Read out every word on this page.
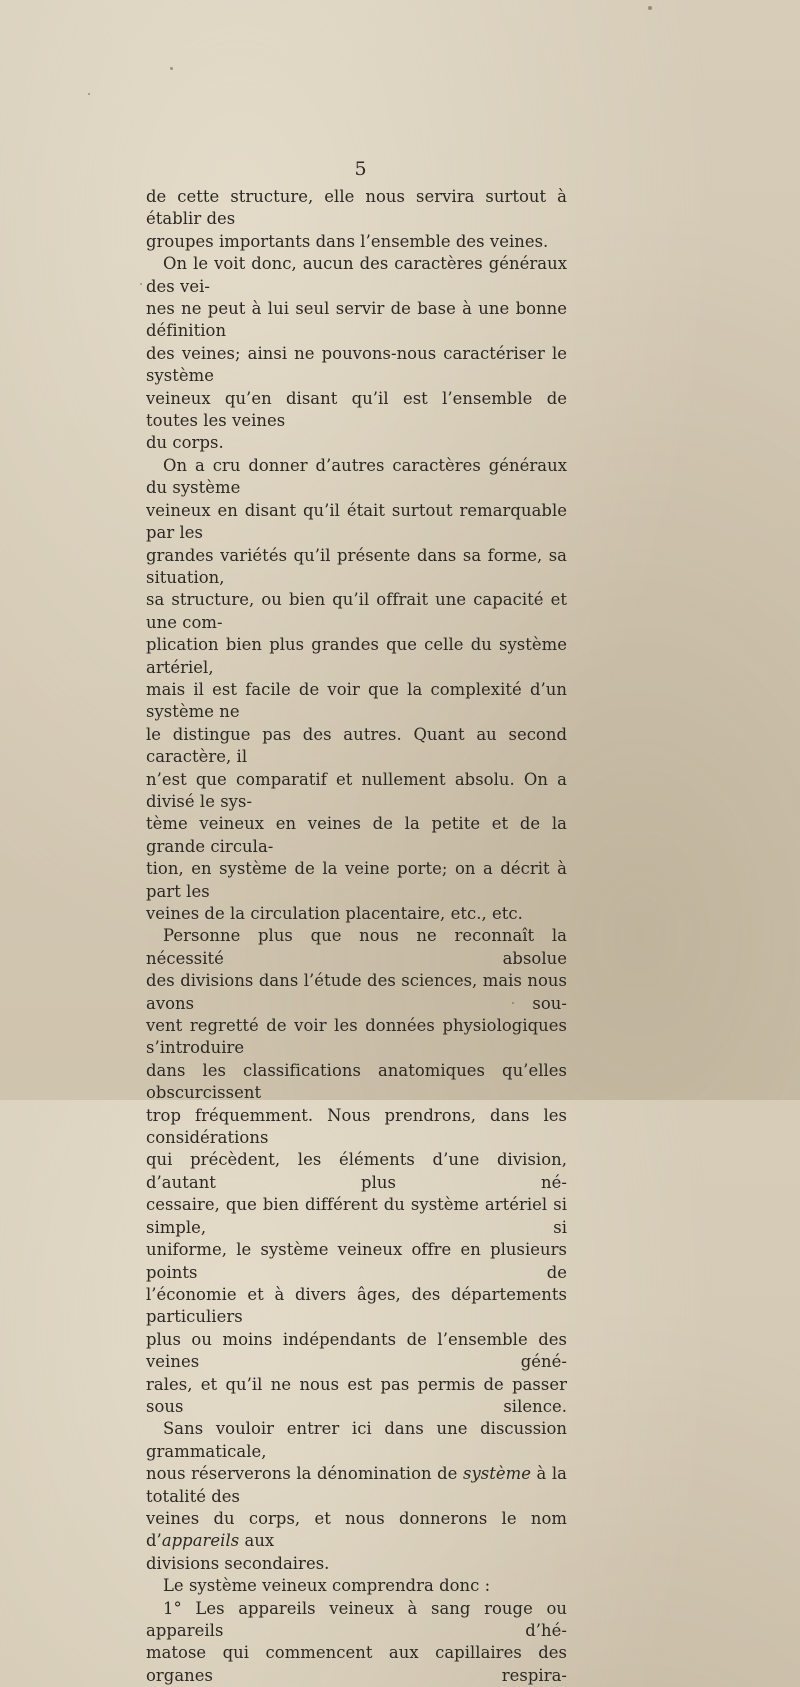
5

de cette structure, elle nous servira surtout à établir des
groupes importants dans l’ensemble des veines.

On le voit donc, aucun des caractères généraux des vei-
nes ne peut à lui seul servir de base à une bonne définition
des veines; ainsi ne pouvons-nous caractériser le système
veineux qu’en disant qu’il est l’ensemble de toutes les veines
du corps.

On a cru donner d’autres caractères généraux du système
veineux en disant qu’il était surtout remarquable par les
grandes variétés qu’il présente dans sa forme, sa situation,
sa structure, ou bien qu’il offrait une capacité et une com-
plication bien plus grandes que celle du système artériel,
mais il est facile de voir que la complexité d’un système ne
le distingue pas des autres. Quant au second caractère, il
n’est que comparatif et nullement absolu. On a divisé le sys-
tème veineux en veines de la petite et de la grande circula-
tion, en système de la veine porte; on a décrit à part les
veines de la circulation placentaire, etc., etc.

Personne plus que nous ne reconnaît la nécessité absolue
des divisions dans l’étude des sciences, mais nous avons sou-
vent regretté de voir les données physiologiques s’introduire
dans les classifications anatomiques qu’elles obscurcissent
trop fréquemment. Nous prendrons, dans les considérations
qui précèdent, les éléments d’une division, d’autant plus né-
cessaire, que bien différent du système artériel si simple, si
uniforme, le système veineux offre en plusieurs points de
l’économie et à divers âges, des départements particuliers
plus ou moins indépendants de l’ensemble des veines géné-
rales, et qu’il ne nous est pas permis de passer sous silence.

Sans vouloir entrer ici dans une discussion grammaticale,
nous réserverons la dénomination de système à la totalité des
veines du corps, et nous donnerons le nom d’appareils aux
divisions secondaires.

Le système veineux comprendra donc :

1° Les appareils veineux à sang rouge ou appareils d’hé-
matose qui commencent aux capillaires des organes respira-
